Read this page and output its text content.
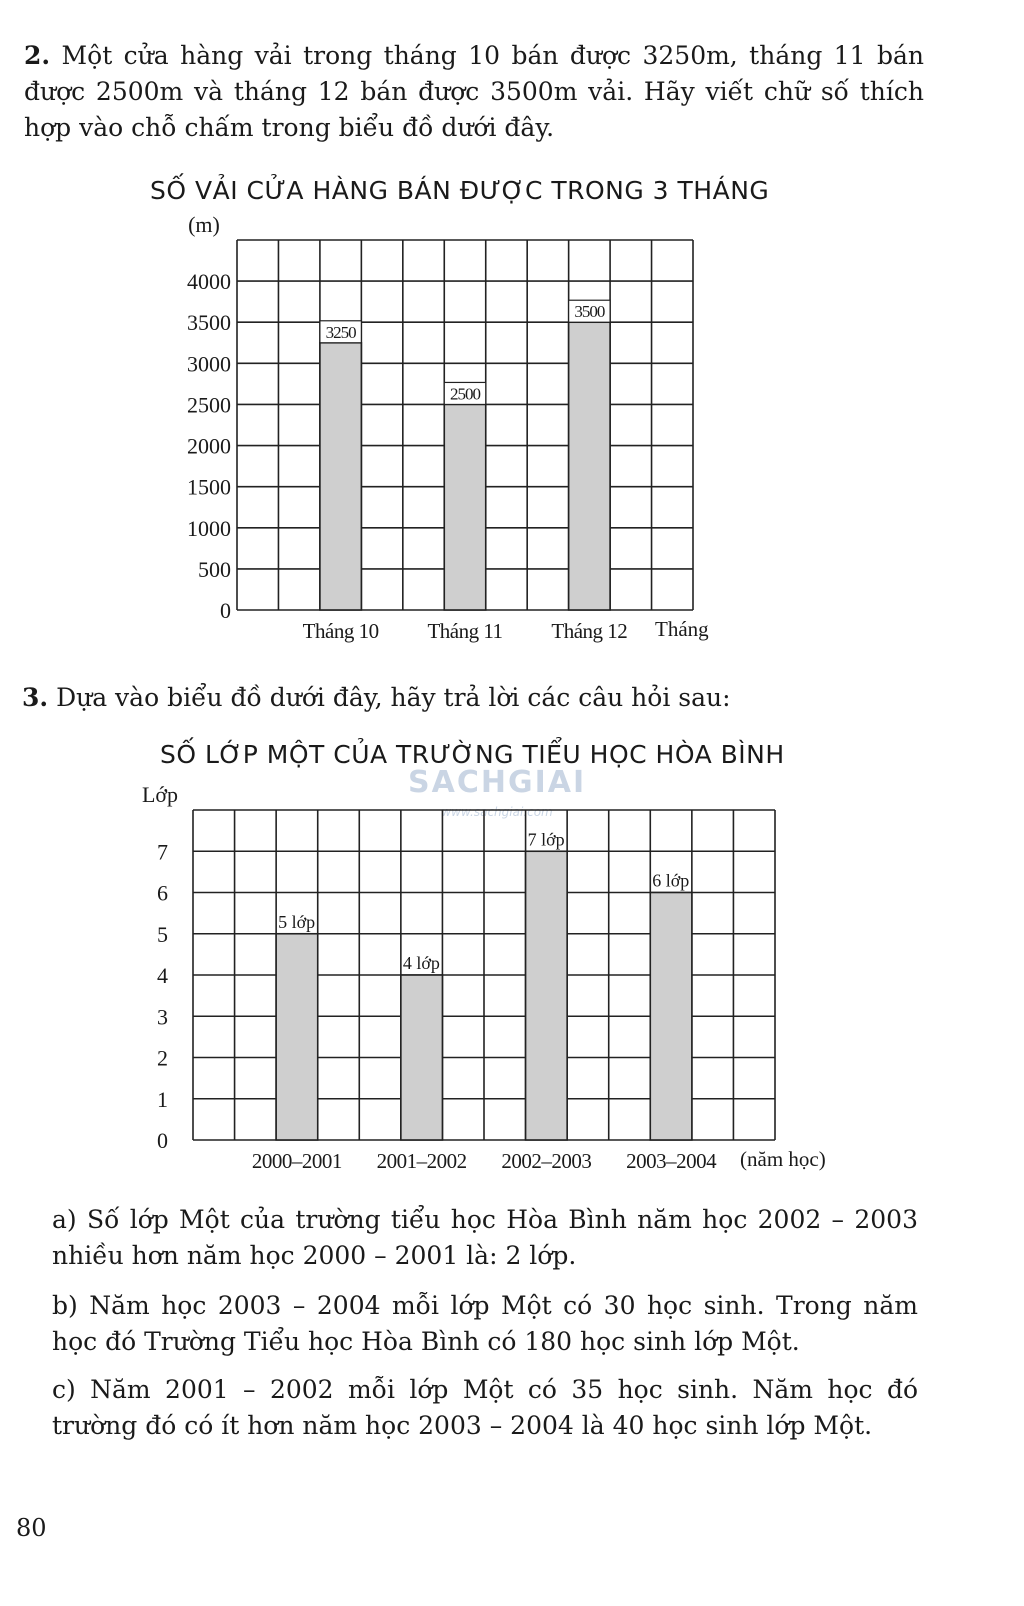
2. Một cửa hàng vải trong tháng 10 bán được 3250m, tháng 11 bán được 2500m và tháng 12 bán được 3500m vải. Hãy viết chữ số thích hợp vào chỗ chấm trong biểu đồ dưới đây.

SỐ VẢI CỬA HÀNG BÁN ĐƯỢC TRONG 3 THÁNG
0
500
1000
1500
2000
2500
3000
3500
4000
(m)
3250
Tháng 10
2500
Tháng 11
3500
Tháng 12 Tháng

3. Dựa vào biểu đồ dưới đây, hãy trả lời các câu hỏi sau:

SỐ LỚP MỘT CỦA TRƯỜNG TIỂU HỌC HÒA BÌNH
SACHGIAI
www.sachgiai.com
0
1
2
3
4
5
6
7
Lớp
5 lớp
2000–2001
4 lớp
2001–2002
7 lớp
2002–2003
6 lớp
2003–2004 (năm học)

a) Số lớp Một của trường tiểu học Hòa Bình năm học 2002 – 2003 nhiều hơn năm học 2000 – 2001 là: 2 lớp.

b) Năm học 2003 – 2004 mỗi lớp Một có 30 học sinh. Trong năm học đó Trường Tiểu học Hòa Bình có 180 học sinh lớp Một.

c) Năm 2001 – 2002 mỗi lớp Một có 35 học sinh. Năm học đó trường đó có ít hơn năm học 2003 – 2004 là 40 học sinh lớp Một.

80
